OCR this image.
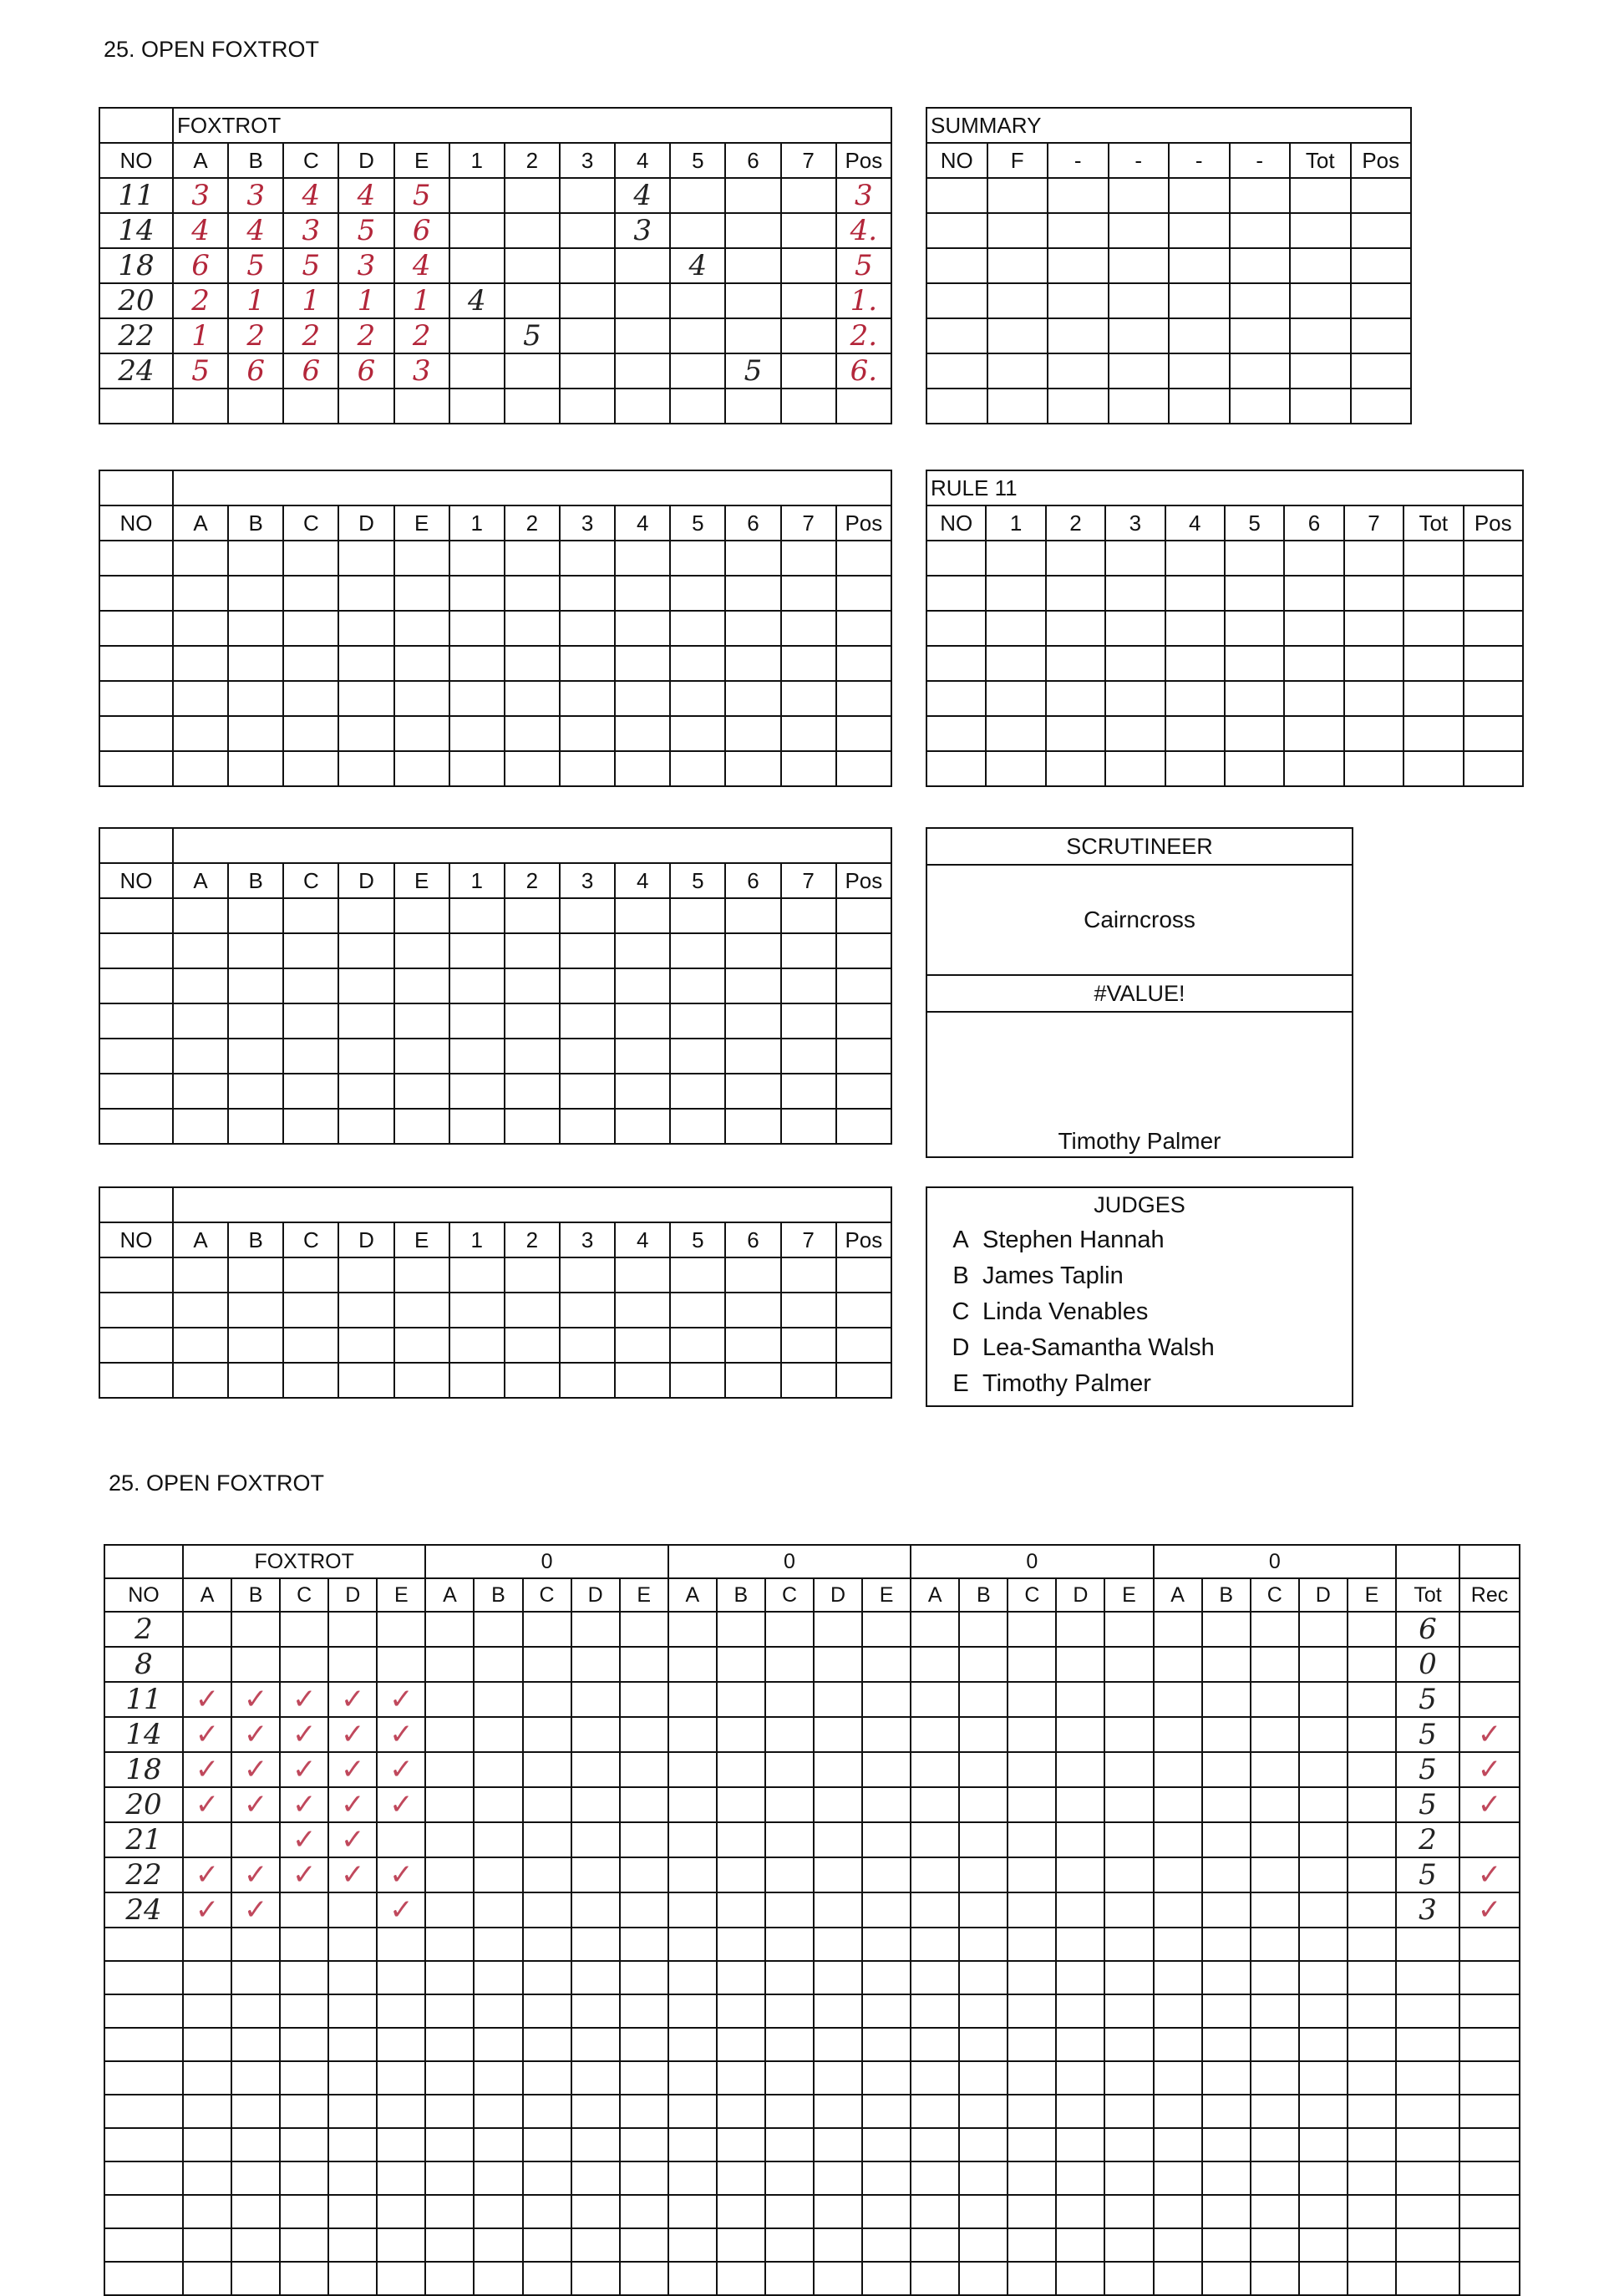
25. OPEN FOXTROT
	FOXTROT												
NO	A	B	C	D	E	1	2	3	4	5	6	7	Pos
11	3	3	4	4	5				4				3
14	4	4	3	5	6				3				4.
18	6	5	5	3	4					4			5
20	2	1	1	1	1	4							1.
22	1	2	2	2	2		5						2.
24	5	6	6	6	3						5		6.

SUMMARY							
NO	F	-	-	-	-	Tot	Pos

NO	A	B	C	D	E	1	2	3	4	5	6	7	Pos

RULE 11									
NO	1	2	3	4	5	6	7	Tot	Pos

NO	A	B	C	D	E	1	2	3	4	5	6	7	Pos

SCRUTINEER
Cairncross
#VALUE!
Timothy Palmer

NO	A	B	C	D	E	1	2	3	4	5	6	7	Pos

JUDGES
A Stephen Hannah
B James Taplin
C Linda Venables
D Lea-Samantha Walsh
E Timothy Palmer
25. OPEN FOXTROT
	FOXTROT					0					0					0					0						
NO	A	B	C	D	E	A	B	C	D	E	A	B	C	D	E	A	B	C	D	E	A	B	C	D	E	Tot	Rec
2																										6	
8																										0	
11	✓	✓	✓	✓	✓																					5	
14	✓	✓	✓	✓	✓																					5	✓
18	✓	✓	✓	✓	✓																					5	✓
20	✓	✓	✓	✓	✓																					5	✓
21			✓	✓																						2	
22	✓	✓	✓	✓	✓																					5	✓
24	✓	✓			✓																					3	✓
